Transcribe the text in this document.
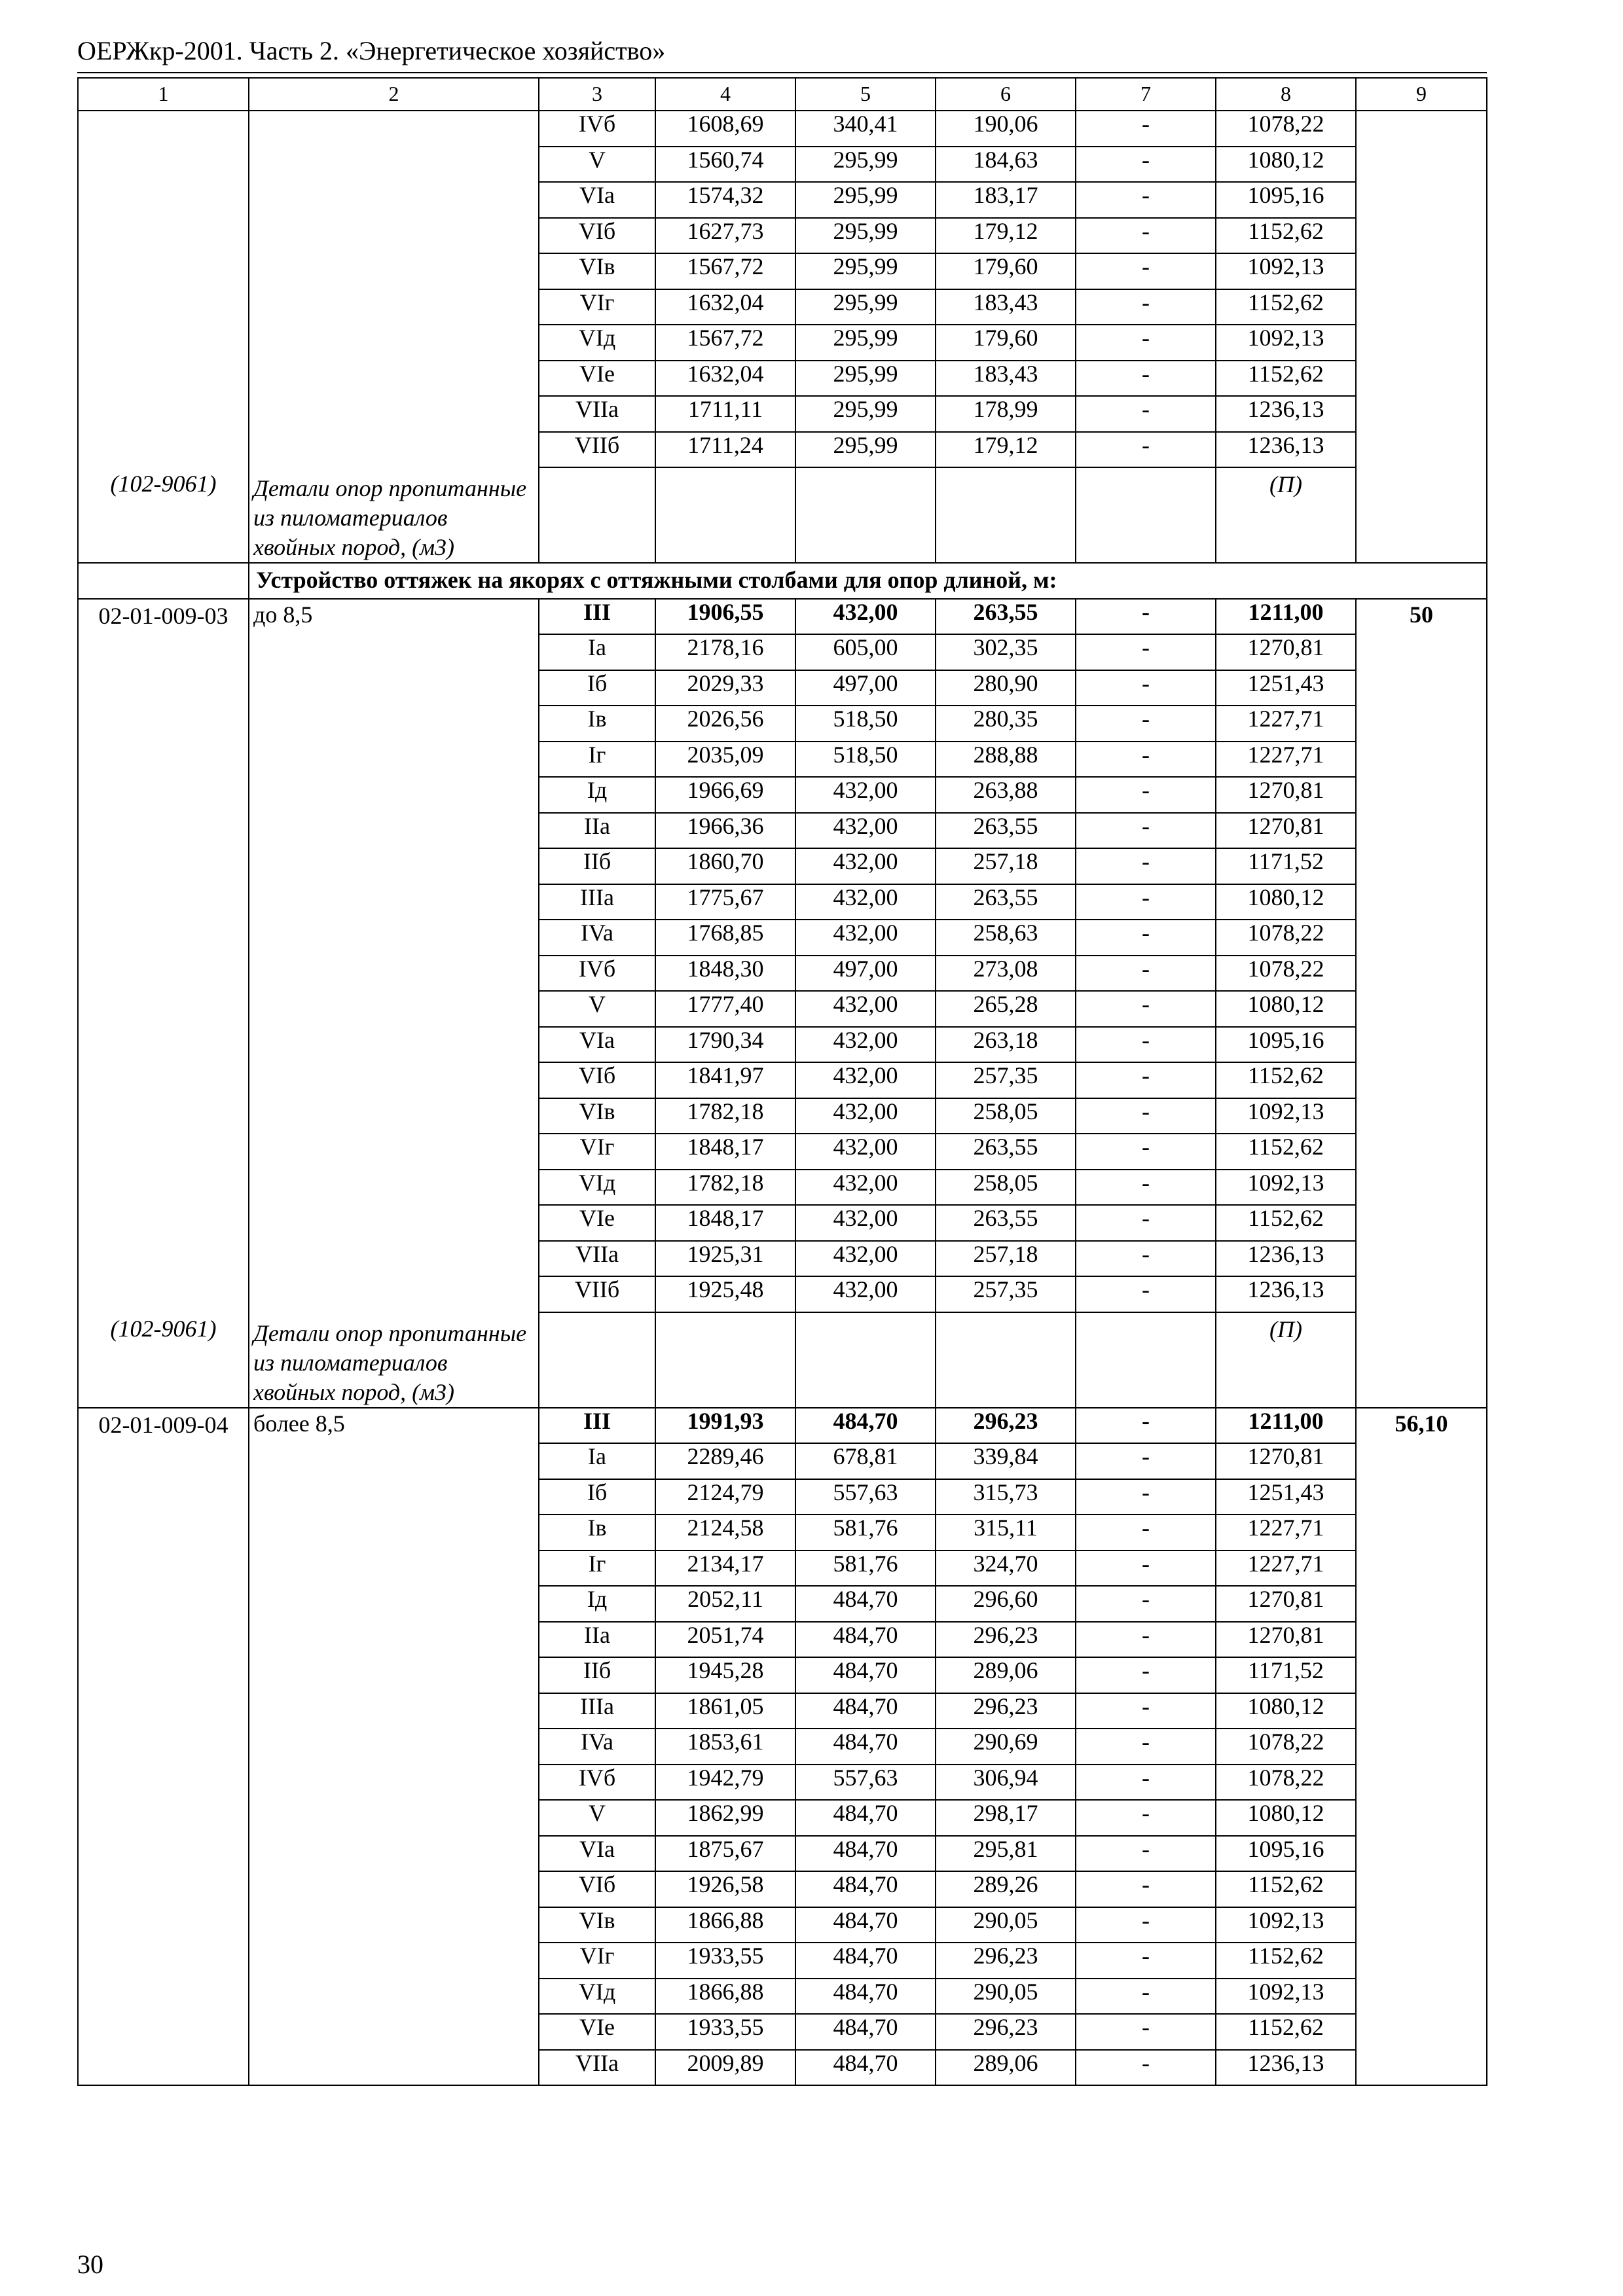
ОЕРЖкр-2001. Часть 2. «Энергетическое хозяйство»
1	2	3	4	5	6	7	8	9
		IVб	1608,69	340,41	190,06	-	1078,22	
		V	1560,74	295,99	184,63	-	1080,12	
		VIa	1574,32	295,99	183,17	-	1095,16	
		VIб	1627,73	295,99	179,12	-	1152,62	
		VIв	1567,72	295,99	179,60	-	1092,13	
		VIг	1632,04	295,99	183,43	-	1152,62	
		VIд	1567,72	295,99	179,60	-	1092,13	
		VIe	1632,04	295,99	183,43	-	1152,62	
		VIIa	1711,11	295,99	178,99	-	1236,13	
		VIIб	1711,24	295,99	179,12	-	1236,13	
(102-9061)	Детали опор пропитанные из пиломатериалов хвойных пород, (м3)						(П)	
	Устройство оттяжек на якорях с оттяжными столбами для опор длиной, м:							
02-01-009-03	до 8,5	III	1906,55	432,00	263,55	-	1211,00	50
		Ia	2178,16	605,00	302,35	-	1270,81	
		Iб	2029,33	497,00	280,90	-	1251,43	
		Iв	2026,56	518,50	280,35	-	1227,71	
		Iг	2035,09	518,50	288,88	-	1227,71	
		Iд	1966,69	432,00	263,88	-	1270,81	
		IIa	1966,36	432,00	263,55	-	1270,81	
		IIб	1860,70	432,00	257,18	-	1171,52	
		IIIa	1775,67	432,00	263,55	-	1080,12	
		IVa	1768,85	432,00	258,63	-	1078,22	
		IVб	1848,30	497,00	273,08	-	1078,22	
		V	1777,40	432,00	265,28	-	1080,12	
		VIa	1790,34	432,00	263,18	-	1095,16	
		VIб	1841,97	432,00	257,35	-	1152,62	
		VIв	1782,18	432,00	258,05	-	1092,13	
		VIг	1848,17	432,00	263,55	-	1152,62	
		VIд	1782,18	432,00	258,05	-	1092,13	
		VIe	1848,17	432,00	263,55	-	1152,62	
		VIIa	1925,31	432,00	257,18	-	1236,13	
		VIIб	1925,48	432,00	257,35	-	1236,13	
(102-9061)	Детали опор пропитанные из пиломатериалов хвойных пород, (м3)						(П)	
02-01-009-04	более 8,5	III	1991,93	484,70	296,23	-	1211,00	56,10
		Ia	2289,46	678,81	339,84	-	1270,81	
		Iб	2124,79	557,63	315,73	-	1251,43	
		Iв	2124,58	581,76	315,11	-	1227,71	
		Iг	2134,17	581,76	324,70	-	1227,71	
		Iд	2052,11	484,70	296,60	-	1270,81	
		IIa	2051,74	484,70	296,23	-	1270,81	
		IIб	1945,28	484,70	289,06	-	1171,52	
		IIIa	1861,05	484,70	296,23	-	1080,12	
		IVa	1853,61	484,70	290,69	-	1078,22	
		IVб	1942,79	557,63	306,94	-	1078,22	
		V	1862,99	484,70	298,17	-	1080,12	
		VIa	1875,67	484,70	295,81	-	1095,16	
		VIб	1926,58	484,70	289,26	-	1152,62	
		VIв	1866,88	484,70	290,05	-	1092,13	
		VIг	1933,55	484,70	296,23	-	1152,62	
		VIд	1866,88	484,70	290,05	-	1092,13	
		VIe	1933,55	484,70	296,23	-	1152,62	
		VIIa	2009,89	484,70	289,06	-	1236,13	
30
